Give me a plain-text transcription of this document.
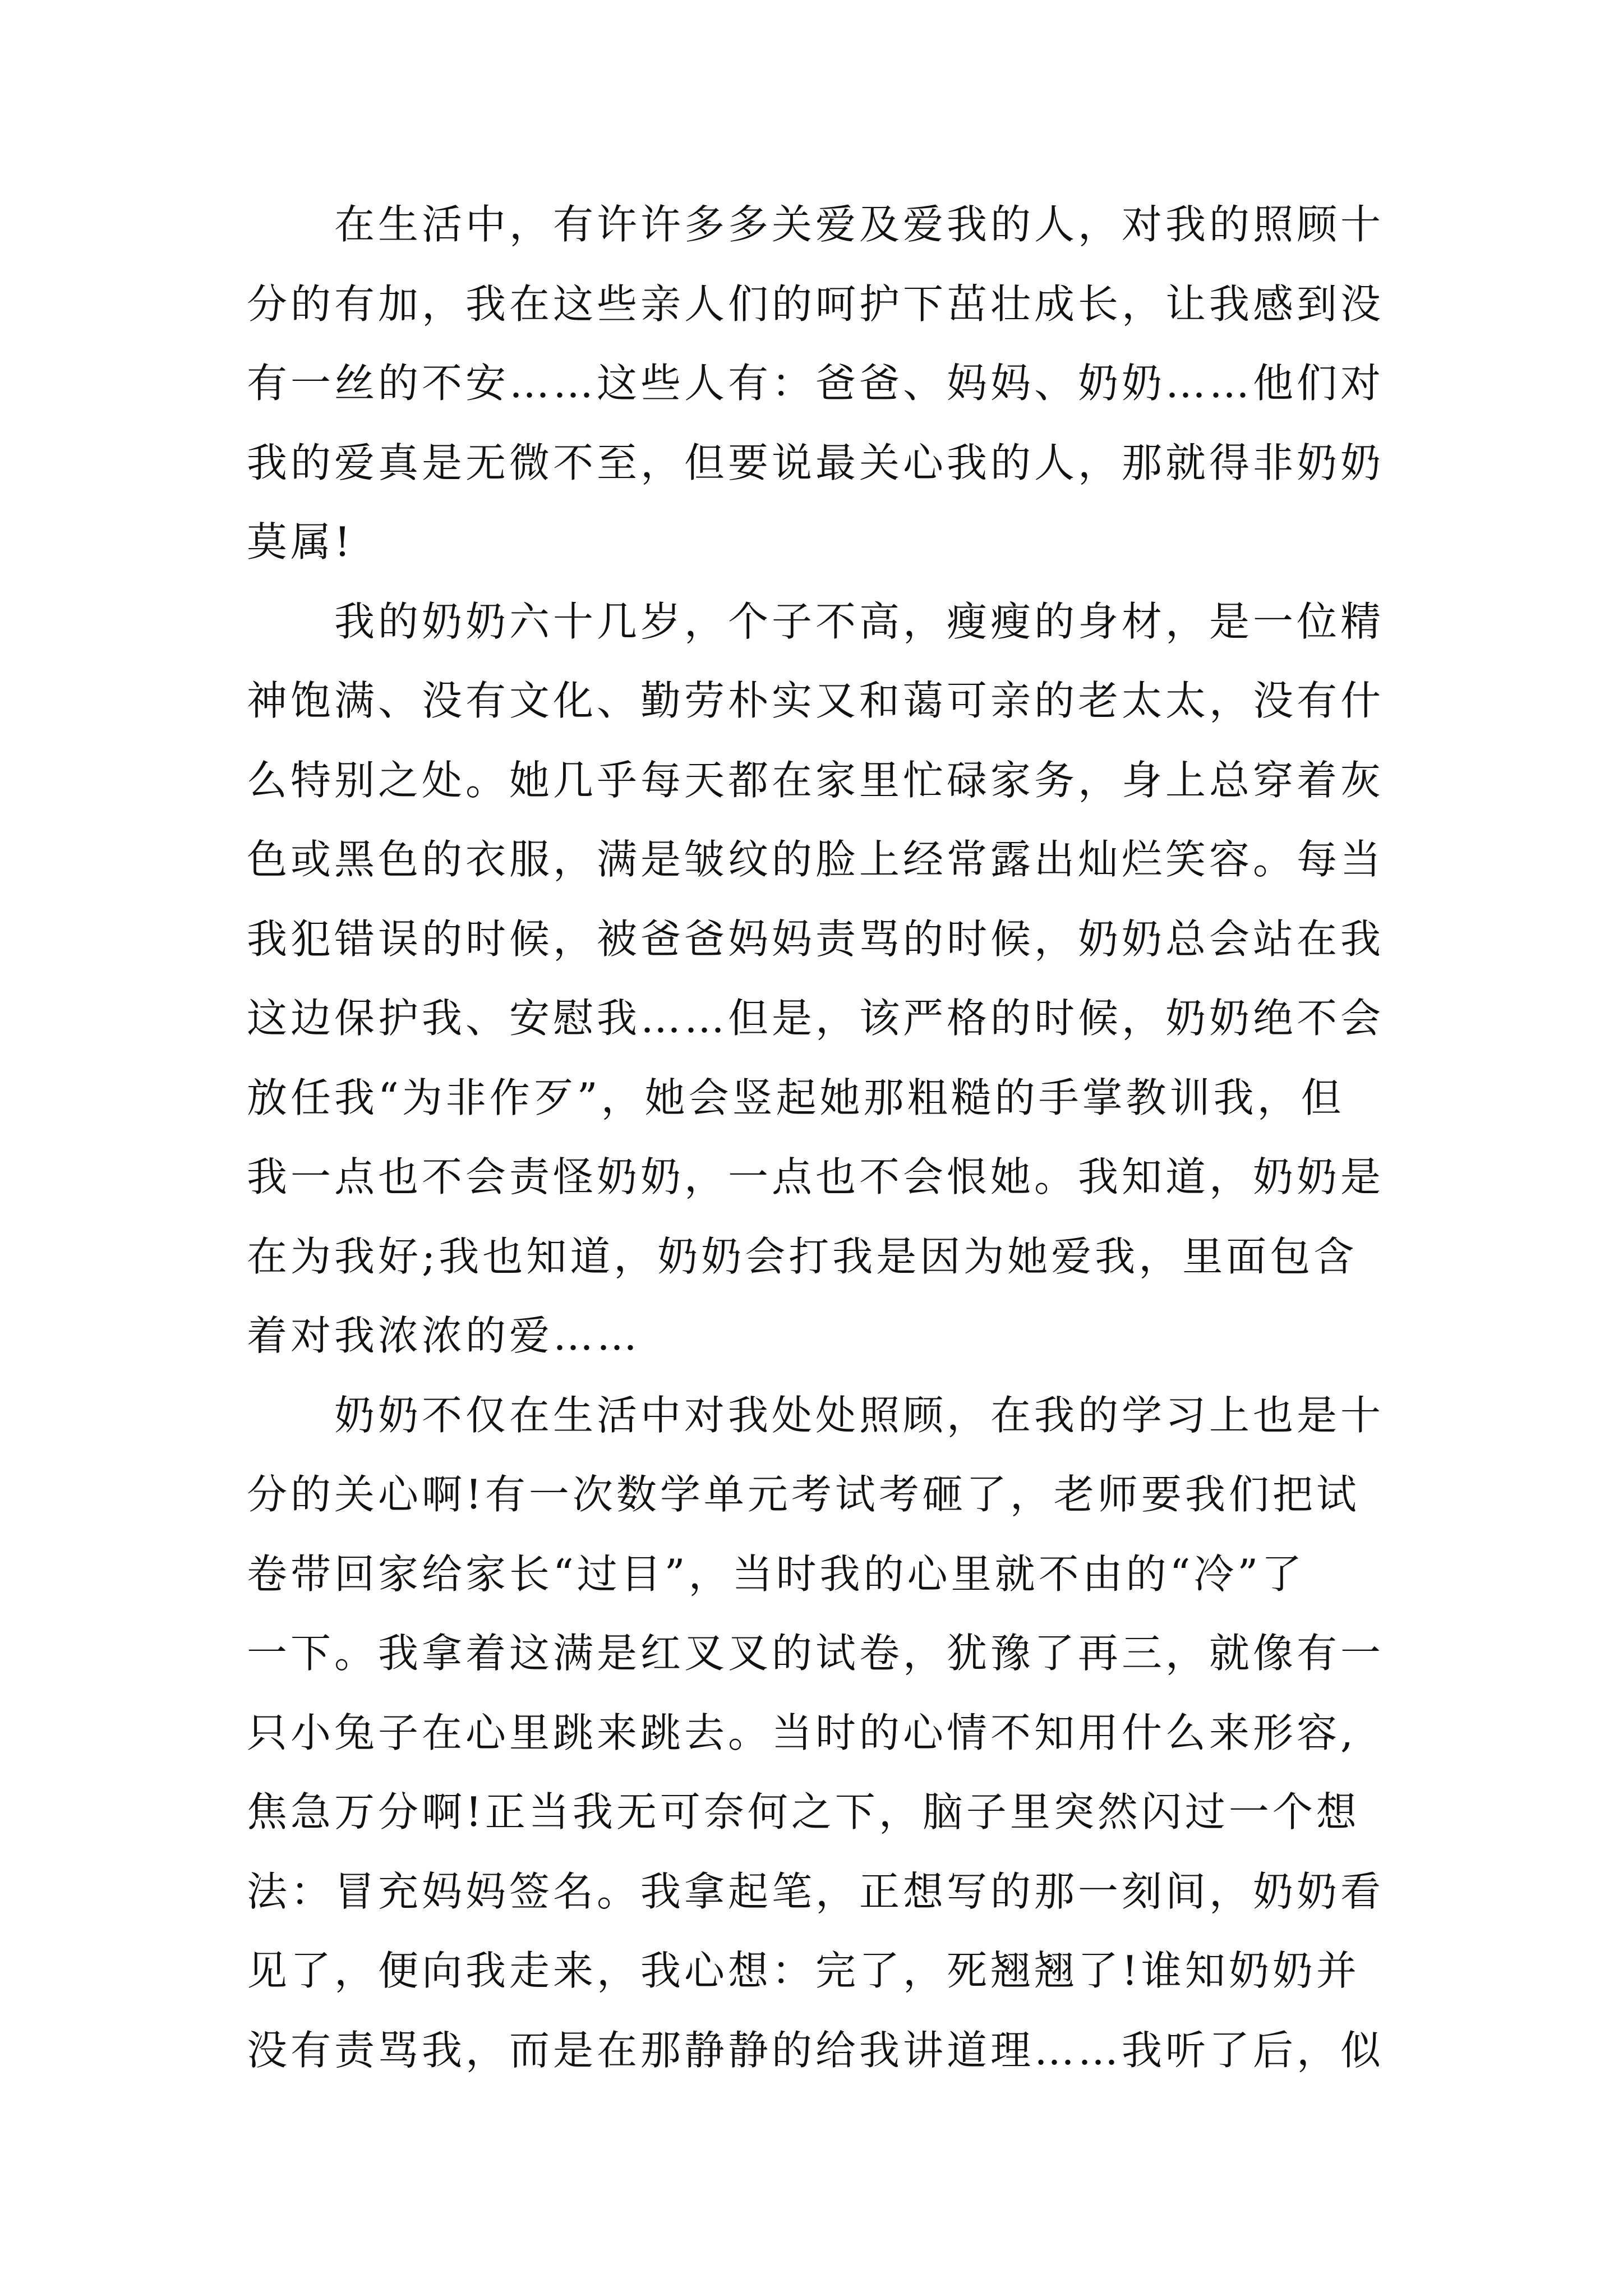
在生活中，有许许多多关爱及爱我的人，对我的照顾十
分的有加，我在这些亲人们的呵护下茁壮成长，让我感到没
有一丝的不安……这些人有：爸爸、妈妈、奶奶……他们对
我的爱真是无微不至，但要说最关心我的人，那就得非奶奶
莫属!
我的奶奶六十几岁，个子不高，瘦瘦的身材，是一位精
神饱满、没有文化、勤劳朴实又和蔼可亲的老太太，没有什
么特别之处。她几乎每天都在家里忙碌家务，身上总穿着灰
色或黑色的衣服，满是皱纹的脸上经常露出灿烂笑容。每当
我犯错误的时候，被爸爸妈妈责骂的时候，奶奶总会站在我
这边保护我、安慰我……但是，该严格的时候，奶奶绝不会
放任我“为非作歹”，她会竖起她那粗糙的手掌教训我，但
我一点也不会责怪奶奶，一点也不会恨她。我知道，奶奶是
在为我好;我也知道，奶奶会打我是因为她爱我，里面包含
着对我浓浓的爱……
奶奶不仅在生活中对我处处照顾，在我的学习上也是十
分的关心啊!有一次数学单元考试考砸了，老师要我们把试
卷带回家给家长“过目”，当时我的心里就不由的“冷”了
一下。我拿着这满是红叉叉的试卷，犹豫了再三，就像有一
只小兔子在心里跳来跳去。当时的心情不知用什么来形容,
焦急万分啊!正当我无可奈何之下，脑子里突然闪过一个想
法：冒充妈妈签名。我拿起笔，正想写的那一刻间，奶奶看
见了，便向我走来，我心想：完了，死翘翘了!谁知奶奶并
没有责骂我，而是在那静静的给我讲道理……我听了后，似
